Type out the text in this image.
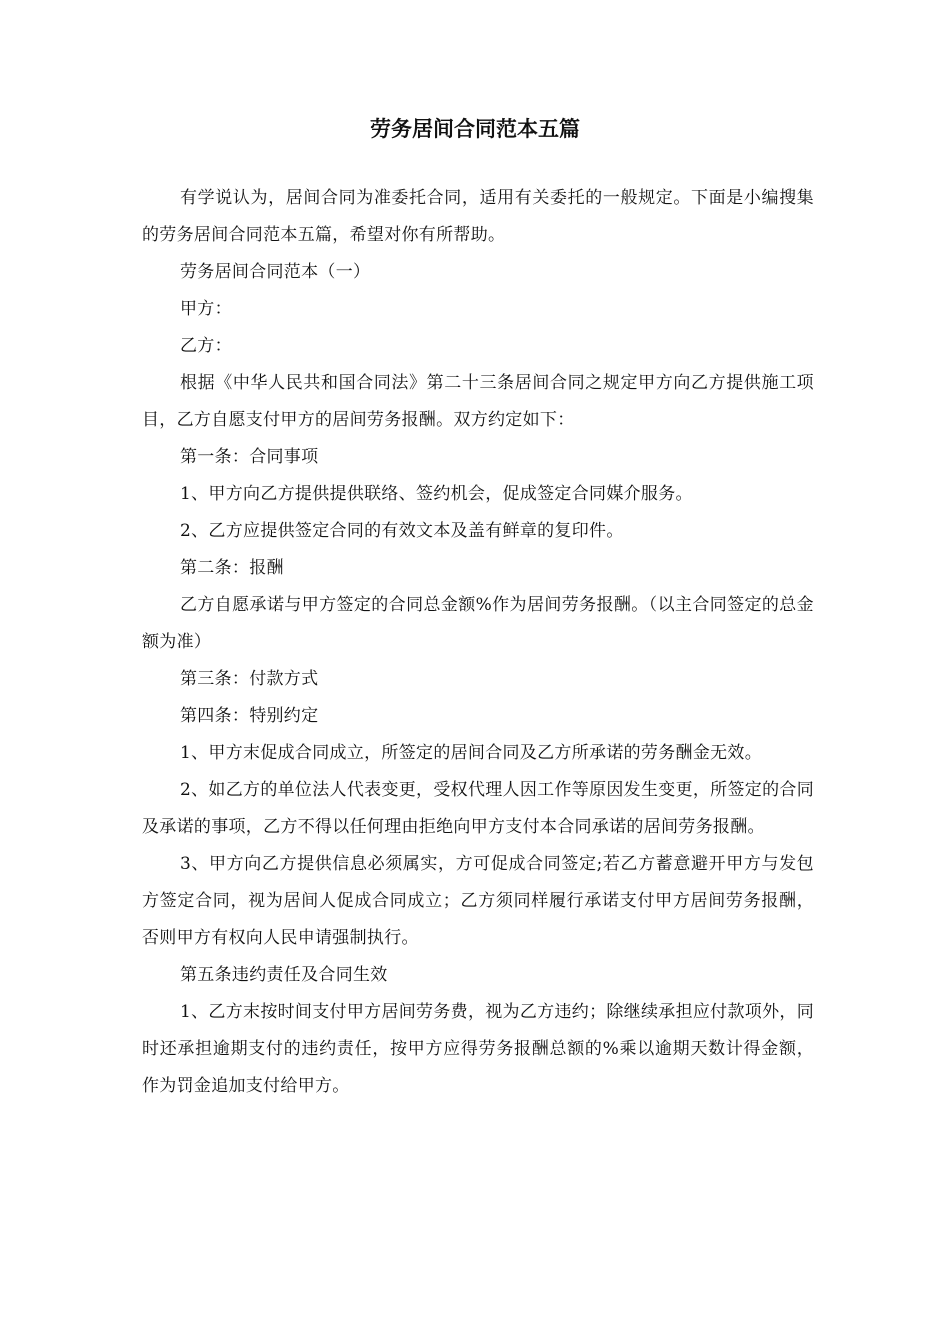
劳务居间合同范本五篇

有学说认为，居间合同为准委托合同，适用有关委托的一般规定。下面是小编搜集的劳务居间合同范本五篇，希望对你有所帮助。

劳务居间合同范本（一）

甲方：

乙方：

根据《中华人民共和国合同法》第二十三条居间合同之规定甲方向乙方提供施工项目，乙方自愿支付甲方的居间劳务报酬。双方约定如下：

第一条：合同事项

1、甲方向乙方提供提供联络、签约机会，促成签定合同媒介服务。

2、乙方应提供签定合同的有效文本及盖有鲜章的复印件。

第二条：报酬

乙方自愿承诺与甲方签定的合同总金额%作为居间劳务报酬。（以主合同签定的总金额为准）

第三条：付款方式

第四条：特别约定

1、甲方末促成合同成立，所签定的居间合同及乙方所承诺的劳务酬金无效。

2、如乙方的单位法人代表变更，受权代理人因工作等原因发生变更，所签定的合同及承诺的事项，乙方不得以任何理由拒绝向甲方支付本合同承诺的居间劳务报酬。

3、甲方向乙方提供信息必须属实，方可促成合同签定;若乙方蓄意避开甲方与发包方签定合同，视为居间人促成合同成立；乙方须同样履行承诺支付甲方居间劳务报酬，否则甲方有权向人民申请强制执行。

第五条违约责任及合同生效

1、乙方末按时间支付甲方居间劳务费，视为乙方违约；除继续承担应付款项外，同时还承担逾期支付的违约责任，按甲方应得劳务报酬总额的%乘以逾期天数计得金额，作为罚金追加支付给甲方。
